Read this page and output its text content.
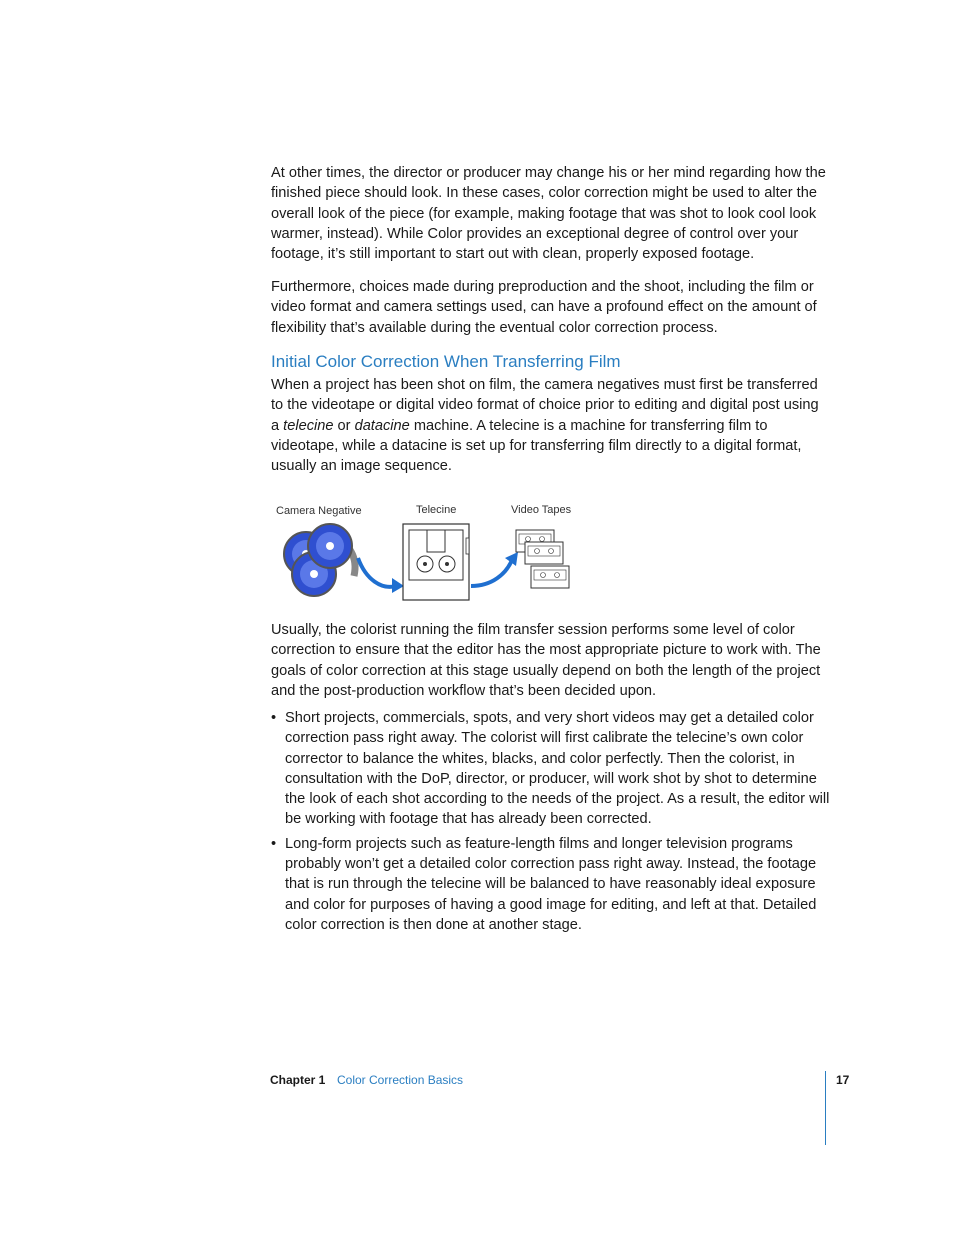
At other times, the director or producer may change his or her mind regarding how the finished piece should look. In these cases, color correction might be used to alter the overall look of the piece (for example, making footage that was shot to look cool look warmer, instead). While Color provides an exceptional degree of control over your footage, it’s still important to start out with clean, properly exposed footage.

Furthermore, choices made during preproduction and the shoot, including the film or video format and camera settings used, can have a profound effect on the amount of flexibility that’s available during the eventual color correction process.

Initial Color Correction When Transferring Film

When a project has been shot on film, the camera negatives must first be transferred to the videotape or digital video format of choice prior to editing and digital post using a telecine or datacine machine. A telecine is a machine for transferring film to videotape, while a datacine is set up for transferring film directly to a digital format, usually an image sequence.

Camera Negative	Telecine	Video Tapes

Usually, the colorist running the film transfer session performs some level of color correction to ensure that the editor has the most appropriate picture to work with. The goals of color correction at this stage usually depend on both the length of the project and the post-production workflow that’s been decided upon.

• Short projects, commercials, spots, and very short videos may get a detailed color correction pass right away. The colorist will first calibrate the telecine’s own color corrector to balance the whites, blacks, and color perfectly. Then the colorist, in consultation with the DoP, director, or producer, will work shot by shot to determine the look of each shot according to the needs of the project. As a result, the editor will be working with footage that has already been corrected.
• Long-form projects such as feature-length films and longer television programs probably won’t get a detailed color correction pass right away. Instead, the footage that is run through the telecine will be balanced to have reasonably ideal exposure and color for purposes of having a good image for editing, and left at that. Detailed color correction is then done at another stage.
Chapter 1 Color Correction Basics	17
